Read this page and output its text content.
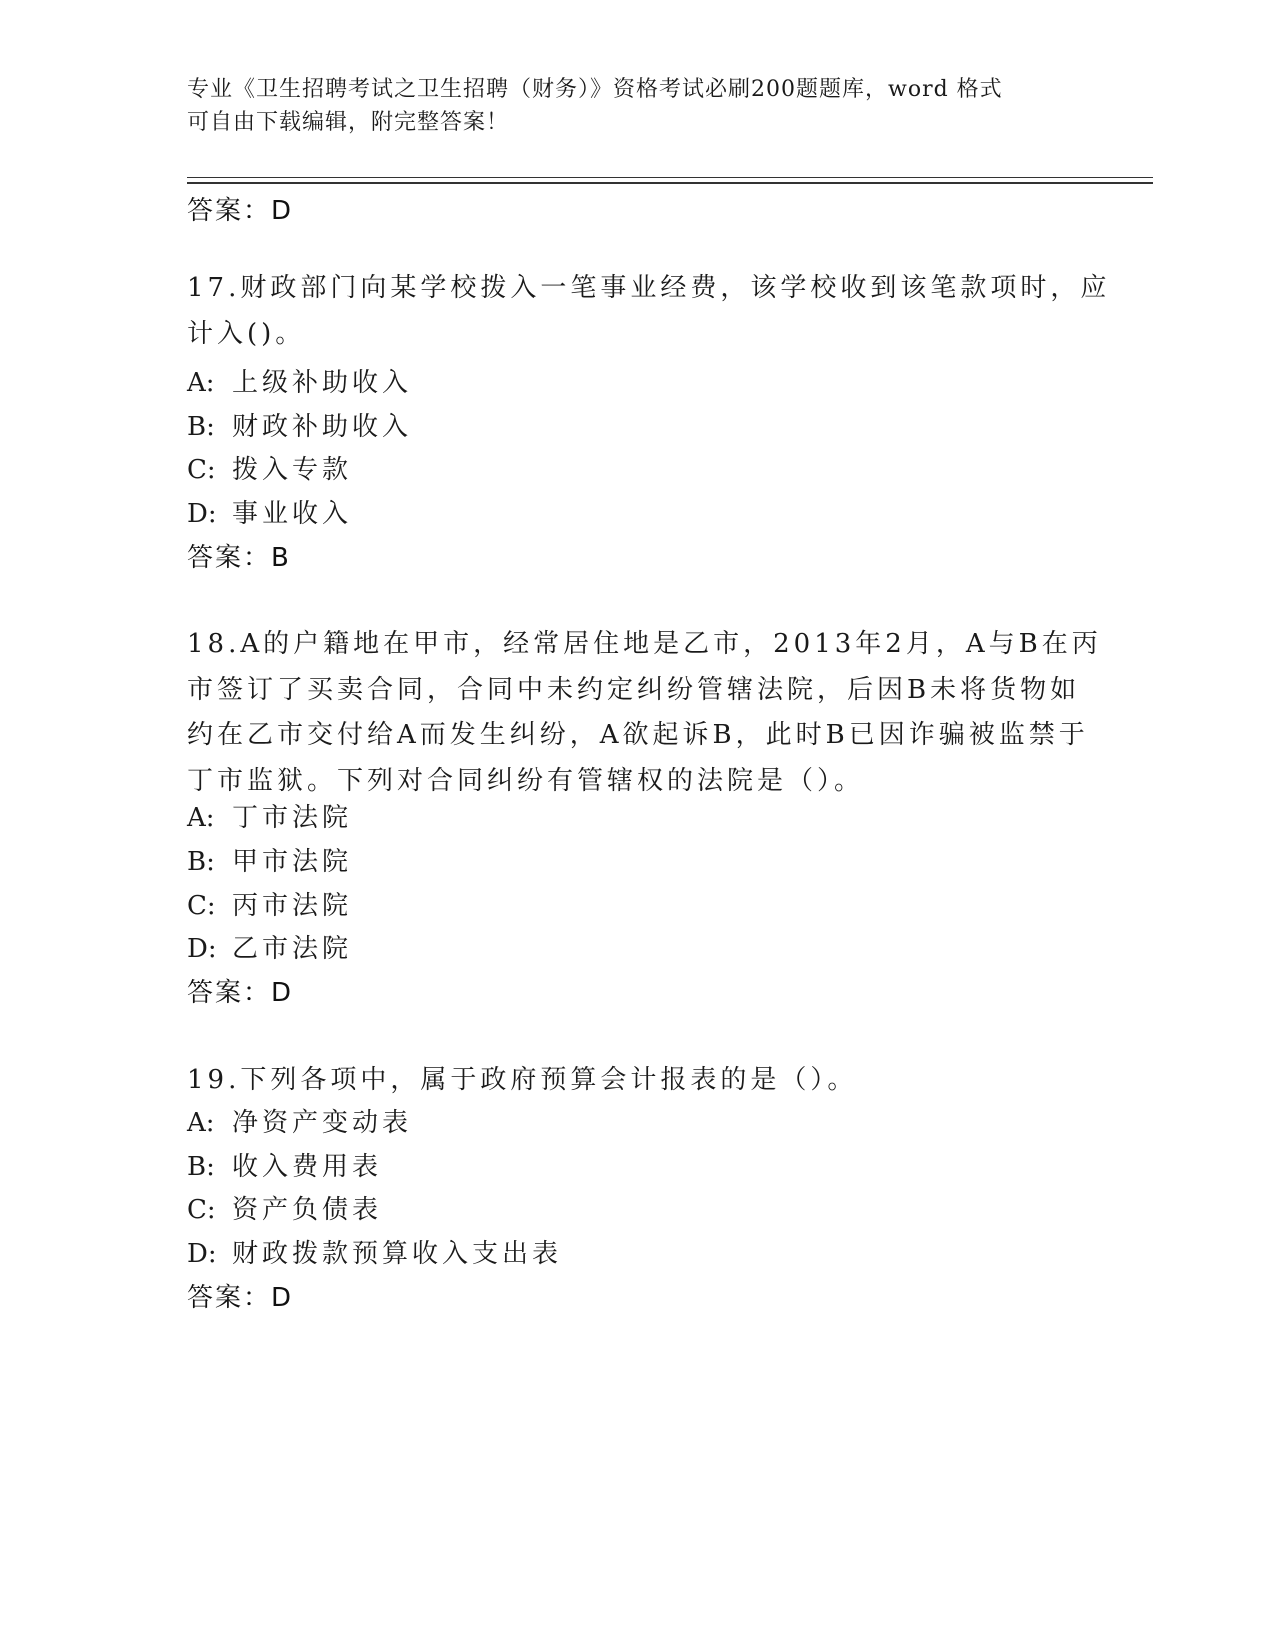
专业《卫生招聘考试之卫生招聘（财务）》资格考试必刷200题题库，word 格式
可自由下载编辑，附完整答案！
答案：D
17.财政部门向某学校拨入一笔事业经费，该学校收到该笔款项时，应
计入()。
A: 上级补助收入
B: 财政补助收入
C: 拨入专款
D: 事业收入
答案：B
18.A的户籍地在甲市，经常居住地是乙市，2013年2月，A与B在丙
市签订了买卖合同，合同中未约定纠纷管辖法院，后因B未将货物如
约在乙市交付给A而发生纠纷，A欲起诉B，此时B已因诈骗被监禁于
丁市监狱。下列对合同纠纷有管辖权的法院是（）。
A: 丁市法院
B: 甲市法院
C: 丙市法院
D: 乙市法院
答案：D
19.下列各项中，属于政府预算会计报表的是（）。
A: 净资产变动表
B: 收入费用表
C: 资产负债表
D: 财政拨款预算收入支出表
答案：D
